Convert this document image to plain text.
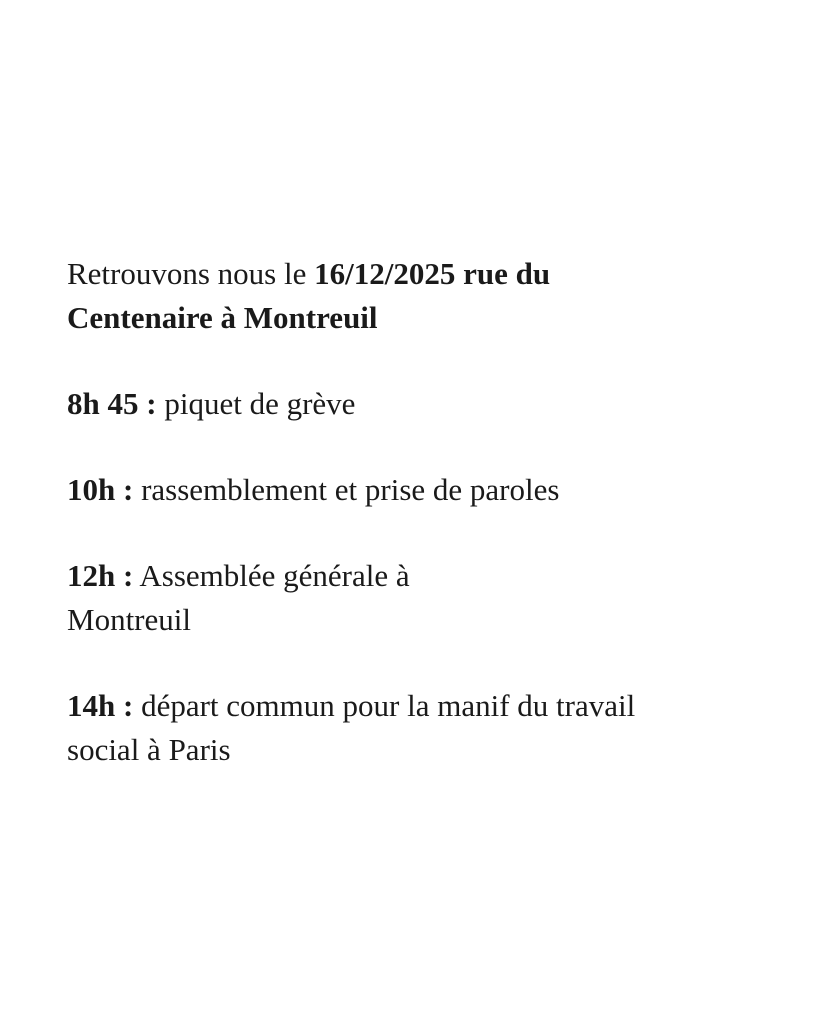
Retrouvons nous le 16/12/2025 rue du
Centenaire à Montreuil

8h 45 : piquet de grève

10h : rassemblement et prise de paroles

12h : Assemblée générale à
Montreuil

14h : départ commun pour la manif du travail
social à Paris
